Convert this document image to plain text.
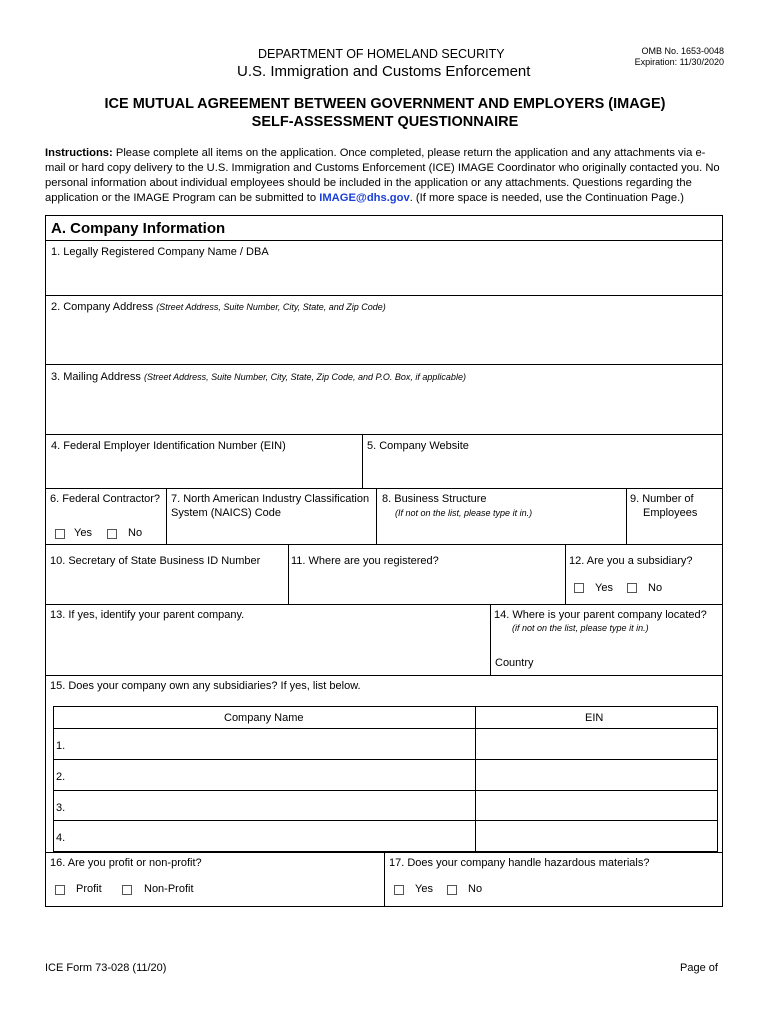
DEPARTMENT OF HOMELAND SECURITY
U.S. Immigration and Customs Enforcement
OMB No. 1653-0048
Expiration: 11/30/2020
ICE MUTUAL AGREEMENT BETWEEN GOVERNMENT AND EMPLOYERS (IMAGE)
SELF-ASSESSMENT QUESTIONNAIRE
Instructions: Please complete all items on the application. Once completed, please return the application and any attachments via e-mail or hard copy delivery to the U.S. Immigration and Customs Enforcement (ICE) IMAGE Coordinator who originally contacted you. No personal information about individual employees should be included in the application or any attachments. Questions regarding the application or the IMAGE Program can be submitted to IMAGE@dhs.gov. (If more space is needed, use the Continuation Page.)
A. Company Information
1. Legally Registered Company Name / DBA
2. Company Address (Street Address, Suite Number, City, State, and Zip Code)
3. Mailing Address (Street Address, Suite Number, City, State, Zip Code, and P.O. Box, if applicable)
4. Federal Employer Identification Number (EIN)	5. Company Website
6. Federal Contractor?
Yes	No
7. North American Industry Classification
System (NAICS) Code
8. Business Structure
(If not on the list, please type it in.)
9. Number of
Employees
10. Secretary of State Business ID Number	11. Where are you registered?	12. Are you a subsidiary?
Yes	No
13. If yes, identify your parent company.	14. Where is your parent company located?
(if not on the list, please type it in.)
Country
15. Does your company own any subsidiaries? If yes, list below.
Company Name	EIN
1.
2.
3.
4.
16. Are you profit or non-profit?
Profit	Non-Profit
17. Does your company handle hazardous materials?
Yes	No
ICE Form 73-028 (11/20)	Page of
